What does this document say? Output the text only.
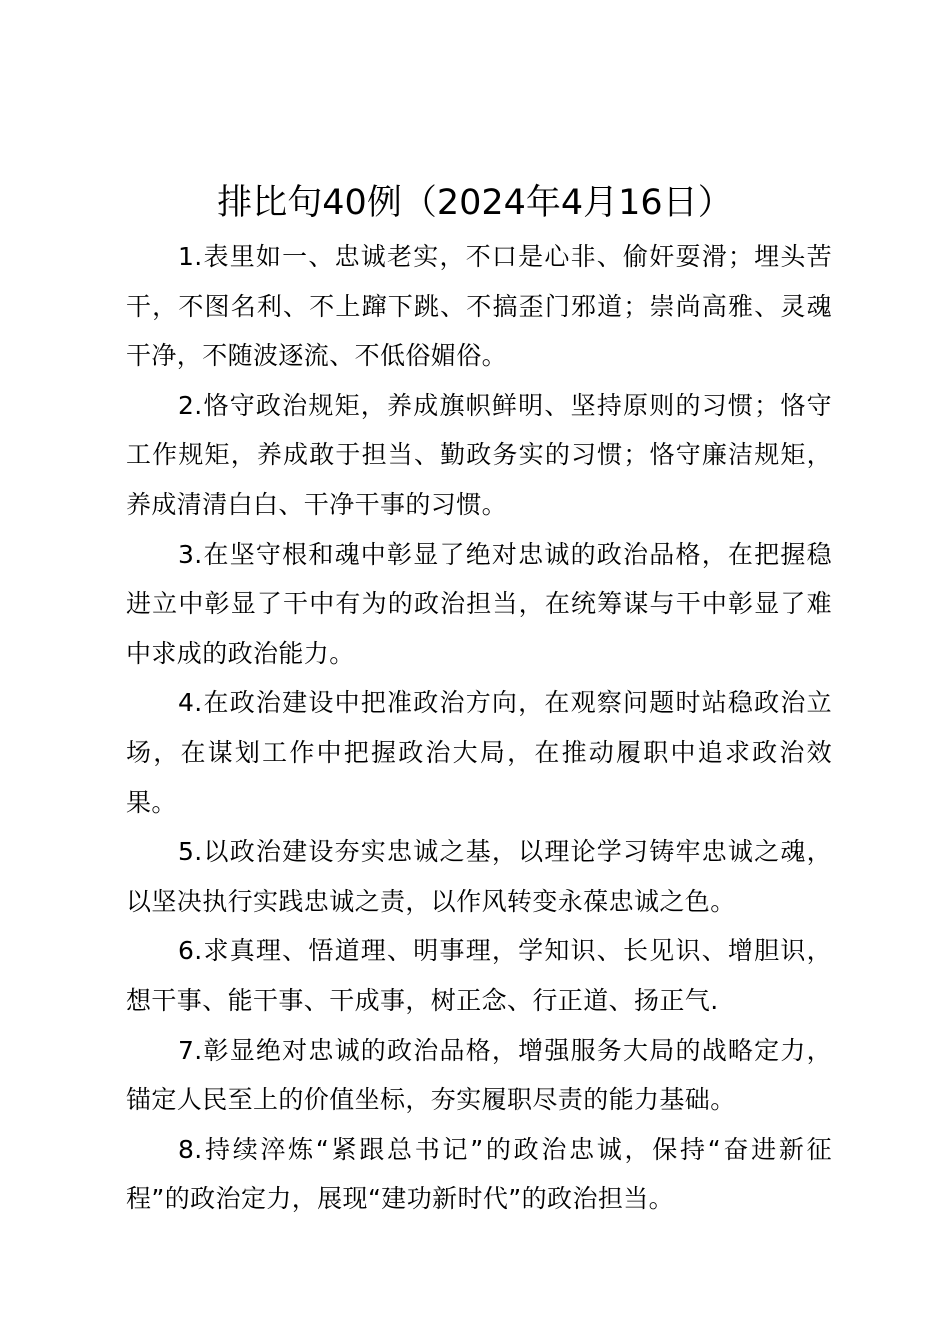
排比句40例（2024年4月16日）

1.表里如一、忠诚老实，不口是心非、偷奸耍滑；埋头苦干，不图名利、不上蹿下跳、不搞歪门邪道；崇尚高雅、灵魂干净，不随波逐流、不低俗媚俗。

2.恪守政治规矩，养成旗帜鲜明、坚持原则的习惯；恪守工作规矩，养成敢于担当、勤政务实的习惯；恪守廉洁规矩，养成清清白白、干净干事的习惯。

3.在坚守根和魂中彰显了绝对忠诚的政治品格，在把握稳进立中彰显了干中有为的政治担当，在统筹谋与干中彰显了难中求成的政治能力。

4.在政治建设中把准政治方向，在观察问题时站稳政治立场，在谋划工作中把握政治大局，在推动履职中追求政治效果。

5.以政治建设夯实忠诚之基，以理论学习铸牢忠诚之魂，以坚决执行实践忠诚之责，以作风转变永葆忠诚之色。

6.求真理、悟道理、明事理，学知识、长见识、增胆识，想干事、能干事、干成事，树正念、行正道、扬正气.

7.彰显绝对忠诚的政治品格，增强服务大局的战略定力，锚定人民至上的价值坐标，夯实履职尽责的能力基础。

8.持续淬炼“紧跟总书记”的政治忠诚，保持“奋进新征程”的政治定力，展现“建功新时代”的政治担当。
